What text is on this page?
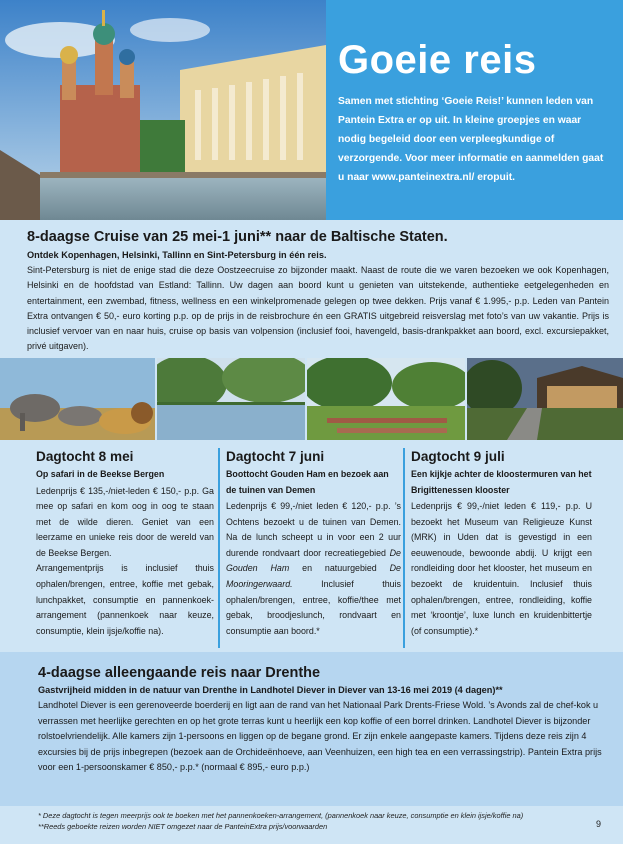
Goeie reis

Samen met stichting ‘Goeie Reis!’ kunnen leden van Pantein Extra er op uit. In kleine groepjes en waar nodig begeleid door een verpleegkundige of verzorgende. Voor meer informatie en aanmelden gaat u naar www.panteinextra.nl/ eropuit.

8-daagse Cruise van 25 mei-1 juni** naar de Baltische Staten.
Ontdek Kopenhagen, Helsinki, Tallinn en Sint-Petersburg in één reis.

Sint-Petersburg is niet de enige stad die deze Oostzeecruise zo bijzonder maakt. Naast de route die we varen bezoeken we ook Kopenhagen, Helsinki en de hoofdstad van Estland: Tallinn. Uw dagen aan boord kunt u genieten van uitstekende, authentieke eetgelegenheden en entertainment, een zwembad, fitness, wellness en een winkelpromenade gelegen op twee dekken. Prijs vanaf € 1.995,- p.p. Leden van Pantein Extra ontvangen € 50,- euro korting p.p. op de prijs in de reisbrochure én een GRATIS uitgebreid reisverslag met foto’s van uw vakantie. Prijs is inclusief vervoer van en naar huis, cruise op basis van volpension (inclusief fooi, havengeld, basis-drankpakket aan boord, excl. excursiepakket, privé uitgaven).

Dagtocht 8 mei
Op safari in de Beekse Bergen

Ledenprijs € 135,-/niet-leden € 150,- p.p. Ga mee op safari en kom oog in oog te staan met de wilde dieren. Geniet van een leerzame en unieke reis door de wereld van de Beekse Bergen.

Arrangementprijs is inclusief thuis ophalen/brengen, entree, koffie met gebak, lunchpakket, consumptie en pannenkoek-arrangement (pannenkoek naar keuze, consumptie, klein ijsje/koffie na).

Dagtocht 7 juni
Boottocht Gouden Ham en bezoek aan de tuinen van Demen

Ledenprijs € 99,-/niet leden € 120,- p.p. ’s Ochtens bezoekt u de tuinen van Demen. Na de lunch scheept u in voor een 2 uur durende rondvaart door recreatiegebied De Gouden Ham en natuurgebied De Mooringerwaard. Inclusief thuis ophalen/brengen, entree, koffie/thee met gebak, broodjeslunch, rondvaart en consumptie aan boord.*

Dagtocht 9 juli
Een kijkje achter de kloostermuren van het Brigittenessen klooster

Ledenprijs € 99,-/niet leden € 119,- p.p. U bezoekt het Museum van Religieuze Kunst (MRK) in Uden dat is gevestigd in een eeuwenoude, bewoonde abdij. U krijgt een rondleiding door het klooster, het museum en bezoekt de kruidentuin. Inclusief thuis ophalen/brengen, entree, rondleiding, koffie met ‘kroontje’, luxe lunch en kruidenbittertje (of consumptie).*

4-daagse alleengaande reis naar Drenthe
Gastvrijheid midden in de natuur van Drenthe in Landhotel Diever in Diever van 13-16 mei 2019 (4 dagen)**

Landhotel Diever is een gerenoveerde boerderij en ligt aan de rand van het Nationaal Park Drents-Friese Wold. ’s Avonds zal de chef-kok u verrassen met heerlijke gerechten en op het grote terras kunt u heerlijk een kop koffie of een borrel drinken. Landhotel Diever is bijzonder rolstoelvriendelijk. Alle kamers zijn 1-persoons en liggen op de begane grond. Er zijn enkele aangepaste kamers. Tijdens deze reis zijn 4 excursies bij de prijs inbegrepen (bezoek aan de Orchideënhoeve, aan Veenhuizen, een high tea en een verrassingstrip). Pantein Extra prijs voor een 1-persoonskamer € 850,- p.p.* (normaal € 895,- euro p.p.)

* Deze dagtocht is tegen meerprijs ook te boeken met het pannenkoeken-arrangement, (pannenkoek naar keuze, consumptie en klein ijsje/koffie na)
**Reeds geboekte reizen worden NIET omgezet naar de PanteinExtra prijs/voorwaarden	9
